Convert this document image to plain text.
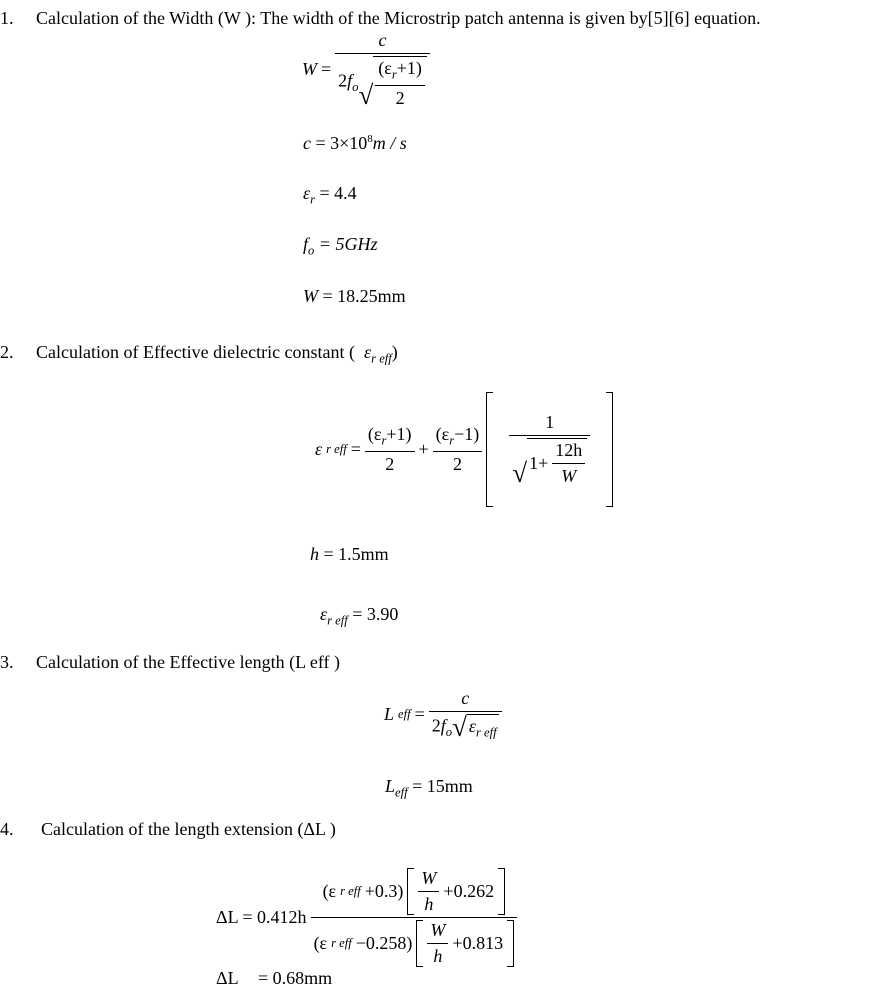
1. Calculation of the Width (W ): The width of the Microstrip patch antenna is given by[5][6] equation.
$W = \frac{c}{2f_o √ \frac{(\varepsilon_r+1)}{2}}$
$c = 3\times 10^8m / s$
$\varepsilon_r = 4.4$
$f_o = 5GHz$
W = 18.25mm
2. Calculation of Effective dielectric constant ( $\varepsilon_{r eff}$)
ε r eff = $\frac{(\varepsilon_r+1)}{2} + \frac{(\varepsilon_r-1)}{2} \frac{1}{√ 1+ \frac{12h}{W}}$
h = 1.5mm
$\varepsilon_{r eff} = 3.90$
3. Calculation of the Effective length (L eff )
L eff = $\frac{c}{2f_o √ \varepsilon_{r eff}}$
$L_{eff} = 15mm$
4. Calculation of the length extension (ΔL )
$\Delta L = 0.412h \frac{(\varepsilon r eff +0.3) \frac{W}{h} +0.262}{(\varepsilon r eff -0.258) \frac{W}{h} +0.813}$
ΔL = 0.68mm
